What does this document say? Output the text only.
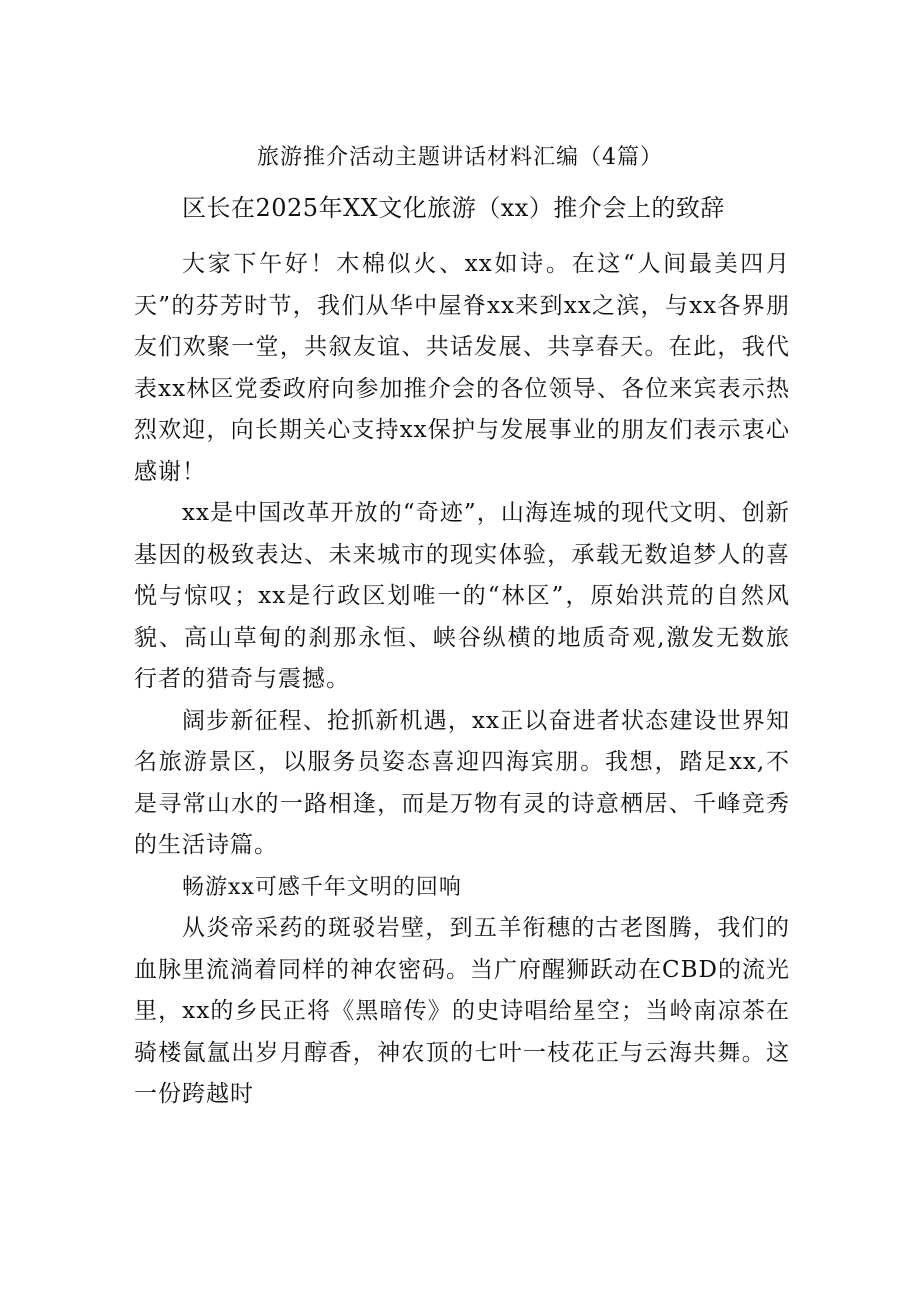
旅游推介活动主题讲话材料汇编（4篇）
区长在2025年XX文化旅游（xx）推介会上的致辞

大家下午好！木棉似火、xx如诗。在这“人间最美四月天”的芬芳时节，我们从华中屋脊xx来到xx之滨，与xx各界朋友们欢聚一堂，共叙友谊、共话发展、共享春天。在此，我代表xx林区党委政府向参加推介会的各位领导、各位来宾表示热烈欢迎，向长期关心支持xx保护与发展事业的朋友们表示衷心感谢！

xx是中国改革开放的“奇迹”，山海连城的现代文明、创新基因的极致表达、未来城市的现实体验，承载无数追梦人的喜悦与惊叹；xx是行政区划唯一的“林区”，原始洪荒的自然风貌、高山草甸的刹那永恒、峡谷纵横的地质奇观,激发无数旅行者的猎奇与震撼。

阔步新征程、抢抓新机遇，xx正以奋进者状态建设世界知名旅游景区，以服务员姿态喜迎四海宾朋。我想，踏足xx,不是寻常山水的一路相逢，而是万物有灵的诗意栖居、千峰竞秀的生活诗篇。

畅游xx可感千年文明的回响

从炎帝采药的斑驳岩壁，到五羊衔穗的古老图腾，我们的血脉里流淌着同样的神农密码。当广府醒狮跃动在CBD的流光里，xx的乡民正将《黑暗传》的史诗唱给星空；当岭南凉茶在骑楼氤氲出岁月醇香，神农顶的七叶一枝花正与云海共舞。这一份跨越时
